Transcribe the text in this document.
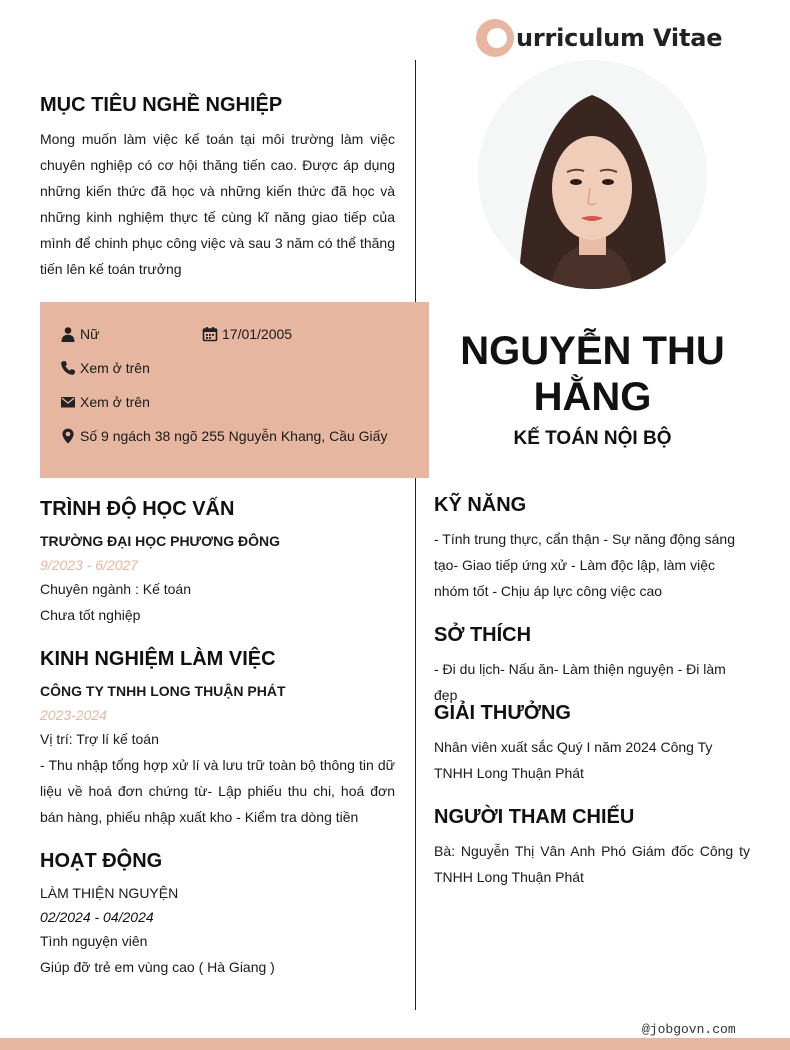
urriculum Vitae
MỤC TIÊU NGHỀ NGHIỆP
Mong muốn làm việc kế toán tại môi trường làm việc chuyên nghiệp có cơ hội thăng tiến cao. Được áp dụng những kiến thức đã học và những kiến thức đã học và những kinh nghiệm thực tế cùng kĩ năng giao tiếp của mình để chinh phục công việc và sau 3 năm có thể thăng tiến lên kế toán trưởng
Nữ	17/01/2005
Xem ở trên
Xem ở trên
Số 9 ngách 38 ngõ 255 Nguyễn Khang, Cầu Giấy
NGUYỄN THU HẰNG
KẾ TOÁN NỘI BỘ
TRÌNH ĐỘ HỌC VẤN
TRƯỜNG ĐẠI HỌC PHƯƠNG ĐÔNG
9/2023 - 6/2027
Chuyên ngành : Kế toán
Chưa tốt nghiệp
KINH NGHIỆM LÀM VIỆC
CÔNG TY TNHH LONG THUẬN PHÁT
2023-2024
Vị trí: Trợ lí kế toán
- Thu nhập tổng hợp xử lí và lưu trữ toàn bộ thông tin dữ liệu về hoá đơn chứng từ- Lập phiếu thu chi, hoá đơn bán hàng, phiếu nhập xuất kho - Kiểm tra dòng tiền
HOẠT ĐỘNG
LÀM THIỆN NGUYỆN
02/2024 - 04/2024
Tình nguyện viên
Giúp đỡ trẻ em vùng cao ( Hà Giang )
KỸ NĂNG
- Tính trung thực, cẩn thận - Sự năng động sáng tạo- Giao tiếp ứng xử - Làm độc lập, làm việc nhóm tốt - Chịu áp lực công việc cao
SỞ THÍCH
- Đi du lịch- Nấu ăn- Làm thiện nguyện - Đi làm đẹp
GIẢI THƯỞNG
Nhân viên xuất sắc Quý I năm 2024 Công Ty TNHH Long Thuận Phát
NGƯỜI THAM CHIẾU
Bà: Nguyễn Thị Vân Anh Phó Giám đốc Công ty TNHH Long Thuận Phát
@jobgovn.com
